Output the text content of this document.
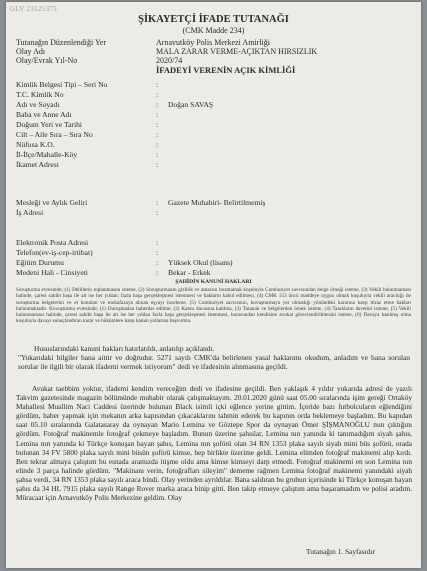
GLV 23125375
ŞİKAYETÇİ İFADE TUTANAĞI
(CMK Madde 234)
Tutanağın Düzenlendiği Yer	Arnavutköy Polis Merkezi Amirliği
Olay Adı	MALA ZARAR VERME-AÇIKTAN HIRSIZLIK
Olay/Evrak Yıl-No	2020/74
İFADEYİ VERENİN AÇIK KİMLİĞİ
Kimlik Belgesi Tipi – Seri No	:
T.C. Kimlik No	:
Adı ve Soyadı	: Doğan SAVAŞ
Baba ve Anne Adı	:
Doğum Yeri ve Tarihi	:
Cilt – Aile Sıra – Sıra No	:
Nüfusa K.O.	:
İl-İlçe/Mahalle-Köy	:
İkamet Adresi	:
Mesleği ve Aylık Geliri	: Gazete Muhabiri- Belirtilmemiş
İş Adresi	:
Elektronik Posta Adresi	:
Telefon(ev-iş-cep-irtibat)	:
Eğitim Durumu	: Yüksek Okul (lisans)
Medeni Hali - Cinsiyeti	: Bekar - Erkek
ŞAHİDİN KANUNİ HAKLARI
Soruşturma evresinde; (1) Delillerin toplanmasını isteme, (2) Soruşturmanın gizlilik ve amacını bozmamak koşuluyla Cumhuriyet savcısından belge örneği isteme, (3) Vekili bulunmaması halinde, çaresi sahibi başa ile ait ise her yıldan; fazla başa gerçekleşmesi istenmesi ve hakların kabul edilmesi, (4) CMK 153 üncü maddeye uygun olmak koşuluyla vekili aracılığı ile soruşturma belgelerini ve el konulan ve muhafazaya alınan eşyayı inceleme, (5) Cumhuriyet savcısının, kovuşturmaya yer olmadığı yönündeki kararına karşı itiraz etme hakları bulunmaktadır. Kovuşturma evresinde; (1) Duruşmadan haberdar edilme, (2) Kamu davasına katılma, (3) Tutanak ve belgelerden örnek isteme, (4) Tanıkların davetini isteme, (5) Vekili bulunmaması halinde, çaresi sahibi başa ile ait ise her yıldan fazla başa gerçekleşmesi istenmesi, barosundan kendisine avukat görevlendirilmesini isteme, (6) Davaya katılmış olma koşuluyla davayı sonuçlandıran karar ve hükümlere karşı kanun yollarına başvurma.
Hususlarındaki kanuni hakları hatırlatıldı, anlatılıp açıklandı.
"Yukarıdaki bilgiler bana aittir ve doğrudur. 5271 sayılı CMK'da belirlenen yasal haklarımı okudum, anladım ve bana sorulan sorular ile ilgili bir olarak ifademi vermek istiyorum" dedi ve ifadesinin alınmasına geçildi.
Avukat taebbim yoktur, ifademi kendim vereceğim dedi ve ifadesine geçildi. Ben yaklaşık 4 yıldır yukarıda adresi de yazılı Takvim gazetesinde magazin bölümünde muhabir olarak çalışmaktayım. 20.01.2020 günü saat 05.00 sıralarında işim gereği Ortaköy Mahallesi Muallim Naci Caddesi üzerinde bulunan Black isimli içki eğlence yerine gittim. İçeride bazı futbolcuların eğlendiğini gördüm, haber yapmak için mekanın arka kapısından çıkacaklarını tahmin ederek bu kapının orda beklemeye başladım. Bu kapıdan saat 05.10 sıralarında Galatasaray da oynayan Mario Lemina ve Göztepe Spor da oynayan Ömer ŞİŞMANOĞLU nun çıktığını gördüm. Fotoğraf makinemle fotoğraf çekmeye başladım. Bunun üzerine şahıslar, Lemina nın yanında ki tanımadığım siyah şahıs, Lemina nın yanında ki Türkçe konuşan bayan şahıs, Lemina nın şoförü olan 34 RN 1353 plaka sayılı siyah mini büs şoförü, orada bulunan 34 FV 5800 plaka sayılı mini büsün şoförü kimse, hep birlikte üzerime geldi. Lemina elimden fotoğraf makinemi alıp kırdı. Ben tekrar almaya çalıştım bu esnada aramızda itişme oldu ama kimse kimseyi darp etmedi. Fotoğraf makinemi en son Lemina nın elinde 3 parça halinde gördüm. "Makinanı verin, fotoğrafları sileyim" dememe rağmen Lemina fotoğraf makinemi yanındaki siyah şahsa verdi, 34 RN 1353 plaka sayılı araca bindi. Olay yerinden ayrıldılar. Bana saldıran bu grubun içerisinde ki Türkçe konuşan bayan şahıs da 34 HL 7915 plaka sayılı Range Rover marka araca binip gitti. Ben takip etmeye çalıştım ama başaramadım ve polisi aradım. Müracaat için Arnavutköy Polis Merkezine geldim. Olay
Tutanağın 1. Sayfasıdır
